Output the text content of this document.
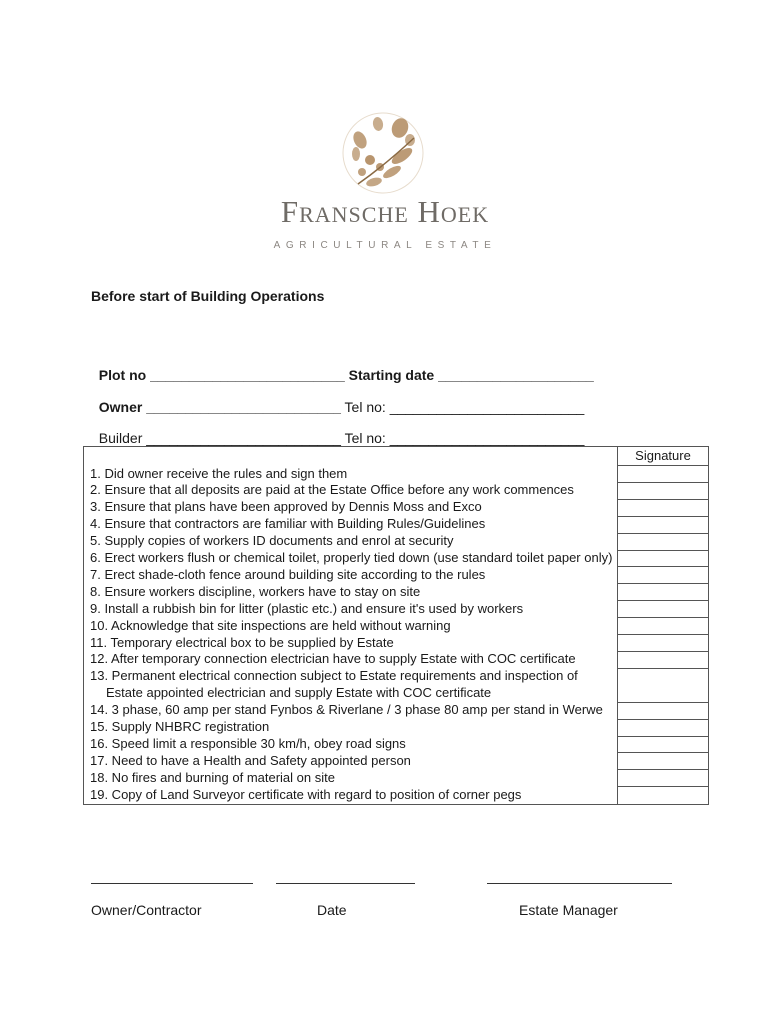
Fransche Hoek
AGRICULTURAL ESTATE
Before start of Building Operations

Plot no _________________________ Starting date ____________________

Owner _________________________ Tel no: _________________________

Builder _________________________ Tel no: _________________________

	Signature

1. Did owner receive the rules and sign them	

2. Ensure that all deposits are paid at the Estate Office before any work commences	

3. Ensure that plans have been approved by Dennis Moss and Exco	

4. Ensure that contractors are familiar with Building Rules/Guidelines	

5. Supply copies of workers ID documents and enrol at security	

6. Erect workers flush or chemical toilet, properly tied down (use standard toilet paper only)	

7. Erect shade-cloth fence around building site according to the rules	

8. Ensure workers discipline, workers have to stay on site	

9. Install a rubbish bin for litter (plastic etc.) and ensure it's used by workers	

10. Acknowledge that site inspections are held without warning	

11. Temporary electrical box to be supplied by Estate	

12. After temporary connection electrician have to supply Estate with COC certificate	

13. Permanent electrical connection subject to Estate requirements and inspection of Estate appointed electrician and supply Estate with COC certificate	

14. 3 phase, 60 amp per stand Fynbos & Riverlane / 3 phase 80 amp per stand in Werwe	

15. Supply NHBRC registration	

16. Speed limit a responsible 30 km/h, obey road signs	

17. Need to have a Health and Safety appointed person	

18. No fires and burning of material on site	

19. Copy of Land Surveyor certificate with regard to position of corner pegs	

Owner/Contractor	Date	Estate Manager
